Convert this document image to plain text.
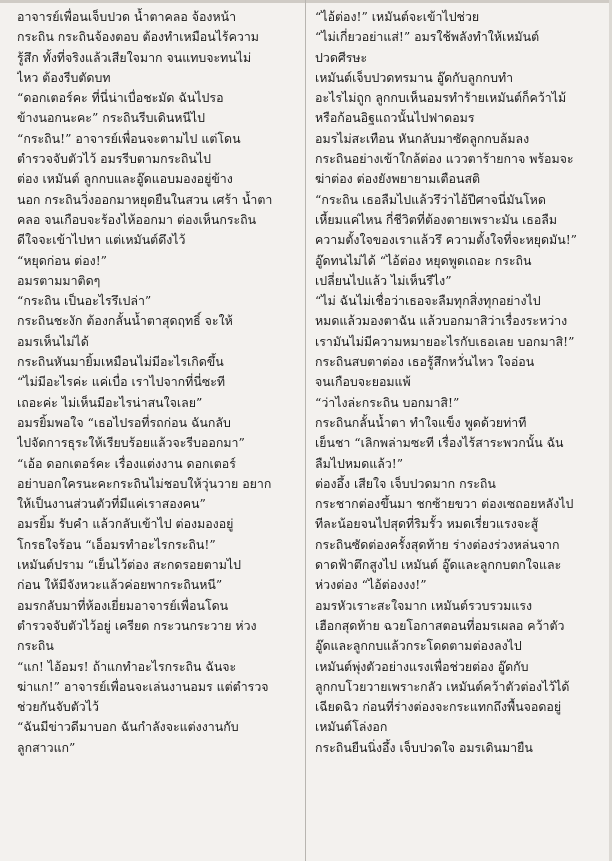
อาจารย์เพื่อนเจ็บปวด น้ำตาคลอ จ้องหน้า

กระถิน กระถินจ้องตอบ ต้องทำเหมือนไร้ความ

รู้สึก ทั้งที่จริงแล้วเสียใจมาก จนแทบจะทนไม่

ไหว ต้องรีบตัดบท

“ดอกเตอร์คะ ที่นี่น่าเบื่อชะมัด ฉันไปรอ

ข้างนอกนะคะ” กระถินรีบเดินหนีไป

“กระถิน!” อาจารย์เพื่อนจะตามไป แต่โดน

ตำรวจจับตัวไว้ อมรรีบตามกระถินไป

ต่อง เหมันต์ ลูกกบและอู๊ดแอบมองอยู่ข้าง

นอก กระถินวิ่งออกมาหยุดยืนในสวน เศร้า น้ำตา

คลอ จนเกือบจะร้องไห้ออกมา ต่องเห็นกระถิน

ดีใจจะเข้าไปหา แต่เหมันต์ดึงไว้

“หยุดก่อน ต่อง!”

อมรตามมาติดๆ

“กระถิน เป็นอะไรรึเปล่า”

กระถินชะงัก ต้องกลั้นน้ำตาสุดฤทธิ์ จะให้

อมรเห็นไม่ได้

กระถินหันมายิ้มเหมือนไม่มีอะไรเกิดขึ้น

“ไม่มีอะไรค่ะ แค่เบื่อ เราไปจากที่นี่ซะที

เถอะค่ะ ไม่เห็นมีอะไรน่าสนใจเลย”

อมรยิ้มพอใจ “เธอไปรอที่รถก่อน ฉันกลับ

ไปจัดการธุระให้เรียบร้อยแล้วจะรีบออกมา”

“เอ้อ ดอกเตอร์คะ เรื่องแต่งงาน ดอกเตอร์

อย่าบอกใครนะคะกระถินไม่ชอบให้วุ่นวาย อยาก

ให้เป็นงานส่วนตัวที่มีแค่เราสองคน”

อมรยิ้ม รับคำ แล้วกลับเข้าไป ต่องมองอยู่

โกรธใจร้อน “เอ็อมรทำอะไรกระถิน!”

เหมันต์ปราม “เย็นไว้ต่อง สะกดรอยตามไป

ก่อน ให้มีจังหวะแล้วค่อยพากระถินหนี”

อมรกลับมาที่ห้องเยี่ยมอาจารย์เพื่อนโดน

ตำรวจจับตัวไว้อยู่ เครียด กระวนกระวาย ห่วง

กระถิน

“แก! ไอ้อมร! ถ้าแกทำอะไรกระถิน ฉันจะ

ฆ่าแก!” อาจารย์เพื่อนจะเล่นงานอมร แต่ตำรวจ

ช่วยกันจับตัวไว้

“ฉันมีข่าวดีมาบอก ฉันกำลังจะแต่งงานกับ

ลูกสาวแก”

“ไอ้ต่อง!” เหมันต์จะเข้าไปช่วย

“ไม่เกี่ยวอย่าแส่!” อมรใช้พลังทำให้เหมันต์

ปวดศีรษะ

เหมันต์เจ็บปวดทรมาน อู๊ดกับลูกกบทำ

อะไรไม่ถูก ลูกกบเห็นอมรทำร้ายเหมันต์ก็คว้าไม้

หรือก้อนอิฐแถวนั้นไปฟาดอมร

อมรไม่สะเทือน หันกลับมาซัดลูกกบล้มลง

กระถินอย่างเข้าใกล้ต่อง แววตาร้ายกาจ พร้อมจะ

ฆ่าต่อง ต่องยังพยายามเตือนสติ

“กระถิน เธอลืมไปแล้วรึว่าไอ้ปีศาจนี่มันโหด

เหี้ยมแค่ไหน กี่ชีวิตที่ต้องตายเพราะมัน เธอลืม

ความตั้งใจของเราแล้วรึ ความตั้งใจที่จะหยุดมัน!”

อู๊ดทนไม่ได้ “ไอ้ต่อง หยุดพูดเถอะ กระถิน

เปลี่ยนไปแล้ว ไม่เห็นรึไง”

“ไม่ ฉันไม่เชื่อว่าเธอจะลืมทุกสิ่งทุกอย่างไป

หมดแล้วมองตาฉัน แล้วบอกมาสิว่าเรื่องระหว่าง

เรามันไม่มีความหมายอะไรกับเธอเลย บอกมาสิ!”

กระถินสบตาต่อง เธอรู้สึกหวั่นไหว ใจอ่อน

จนเกือบจะยอมแพ้

“ว่าไงล่ะกระถิน บอกมาสิ!”

กระถินกลั้นน้ำตา ทำใจแข็ง พูดด้วยท่าที

เย็นชา “เลิกพล่ามซะที เรื่องไร้สาระพวกนั้น ฉัน

ลืมไปหมดแล้ว!”

ต่องอึ้ง เสียใจ เจ็บปวดมาก กระถิน

กระชากต่องขึ้นมา ชกซ้ายขวา ต่องเซถอยหลังไป

ทีละน้อยจนไปสุดที่ริมรั้ว หมดเรี่ยวแรงจะสู้

กระถินซัดต่องครั้งสุดท้าย ร่างต่องร่วงหล่นจาก

ดาดฟ้าตึกสูงไป เหมันต์ อู๊ดและลูกกบตกใจและ

ห่วงต่อง “ไอ้ต่องงง!”

อมรหัวเราะสะใจมาก เหมันต์รวบรวมแรง

เฮือกสุดท้าย ฉวยโอกาสตอนที่อมรเผลอ คว้าตัว

อู๊ดและลูกกบแล้วกระโดดตามต่องลงไป

เหมันต์พุ่งตัวอย่างแรงเพื่อช่วยต่อง อู๊ดกับ

ลูกกบโวยวายเพราะกลัว เหมันต์คว้าตัวต่องไว้ได้

เฉียดฉิว ก่อนที่ร่างต่องจะกระแทกถึงพื้นจอดอยู่

เหมันต์โล่งอก

กระถินยืนนิ่งอึ้ง เจ็บปวดใจ อมรเดินมายืน
